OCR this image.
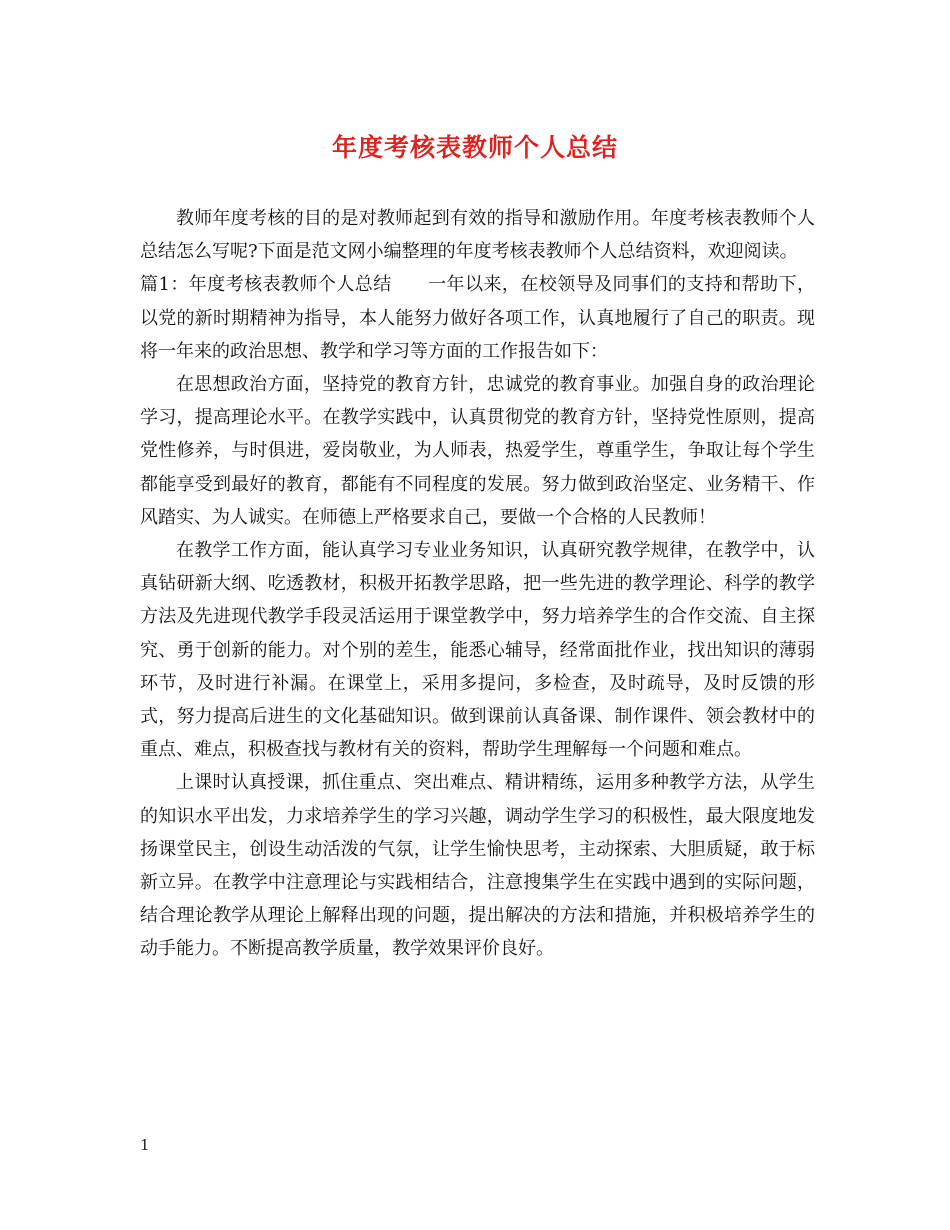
年度考核表教师个人总结

教师年度考核的目的是对教师起到有效的指导和激励作用。年度考核表教师个人总结怎么写呢?下面是范文网小编整理的年度考核表教师个人总结资料，欢迎阅读。

篇1：年度考核表教师个人总结 一年以来，在校领导及同事们的支持和帮助下，以党的新时期精神为指导，本人能努力做好各项工作，认真地履行了自己的职责。现将一年来的政治思想、教学和学习等方面的工作报告如下：

在思想政治方面，坚持党的教育方针，忠诚党的教育事业。加强自身的政治理论学习，提高理论水平。在教学实践中，认真贯彻党的教育方针，坚持党性原则，提高党性修养，与时俱进，爱岗敬业，为人师表，热爱学生，尊重学生，争取让每个学生都能享受到最好的教育，都能有不同程度的发展。努力做到政治坚定、业务精干、作风踏实、为人诚实。在师德上严格要求自己，要做一个合格的人民教师！

在教学工作方面，能认真学习专业业务知识，认真研究教学规律，在教学中，认真钻研新大纲、吃透教材，积极开拓教学思路，把一些先进的教学理论、科学的教学方法及先进现代教学手段灵活运用于课堂教学中，努力培养学生的合作交流、自主探究、勇于创新的能力。对个别的差生，能悉心辅导，经常面批作业，找出知识的薄弱环节，及时进行补漏。在课堂上，采用多提问，多检查，及时疏导，及时反馈的形式，努力提高后进生的文化基础知识。做到课前认真备课、制作课件、领会教材中的重点、难点，积极查找与教材有关的资料，帮助学生理解每一个问题和难点。

上课时认真授课，抓住重点、突出难点、精讲精练，运用多种教学方法，从学生的知识水平出发，力求培养学生的学习兴趣，调动学生学习的积极性，最大限度地发扬课堂民主，创设生动活泼的气氛，让学生愉快思考，主动探索、大胆质疑，敢于标新立异。在教学中注意理论与实践相结合，注意搜集学生在实践中遇到的实际问题，结合理论教学从理论上解释出现的问题，提出解决的方法和措施，并积极培养学生的动手能力。不断提高教学质量，教学效果评价良好。

1
